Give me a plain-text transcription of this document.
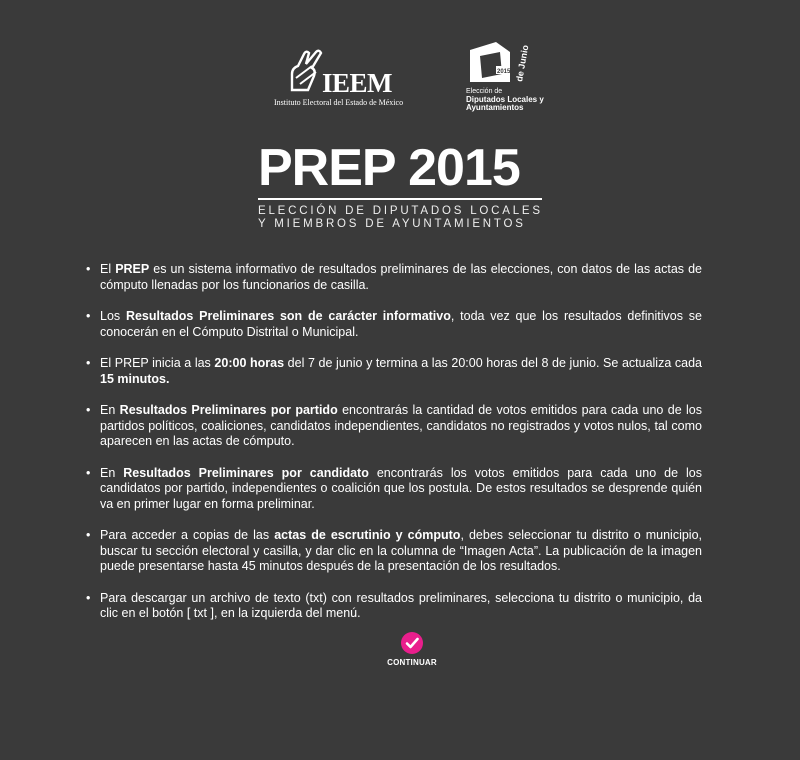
IEEM
Instituto Electoral del Estado de México
2015 de Junio
Elección de
Diputados Locales y
Ayuntamientos
PREP 2015
ELECCIÓN DE DIPUTADOS LOCALES
Y MIEMBROS DE AYUNTAMIENTOS
• El PREP es un sistema informativo de resultados preliminares de las elecciones, con datos de las actas de cómputo llenadas por los funcionarios de casilla.
• Los Resultados Preliminares son de carácter informativo, toda vez que los resultados definitivos se conocerán en el Cómputo Distrital o Municipal.
• El PREP inicia a las 20:00 horas del 7 de junio y termina a las 20:00 horas del 8 de junio. Se actualiza cada 15 minutos.
• En Resultados Preliminares por partido encontrarás la cantidad de votos emitidos para cada uno de los partidos políticos, coaliciones, candidatos independientes, candidatos no registrados y votos nulos, tal como aparecen en las actas de cómputo.
• En Resultados Preliminares por candidato encontrarás los votos emitidos para cada uno de los candidatos por partido, independientes o coalición que los postula. De estos resultados se desprende quién va en primer lugar en forma preliminar.
• Para acceder a copias de las actas de escrutinio y cómputo, debes seleccionar tu distrito o municipio, buscar tu sección electoral y casilla, y dar clic en la columna de “Imagen Acta”. La publicación de la imagen puede presentarse hasta 45 minutos después de la presentación de los resultados.
• Para descargar un archivo de texto (txt) con resultados preliminares, selecciona tu distrito o municipio, da clic en el botón [ txt ], en la izquierda del menú.
CONTINUAR
